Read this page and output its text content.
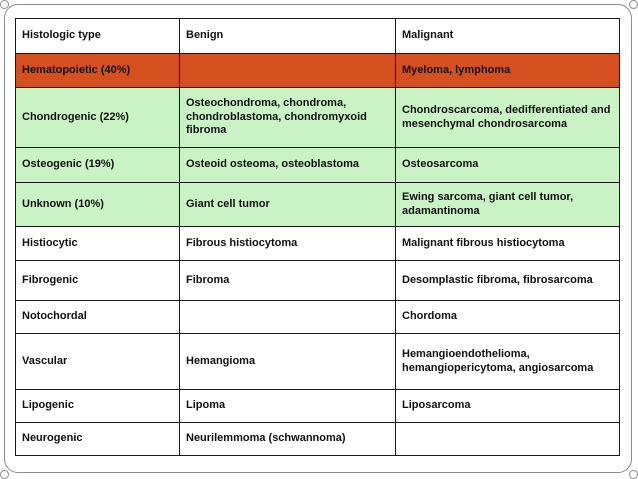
Histologic type	Benign	Malignant
Hematopoietic (40%)		Myeloma, lymphoma
Chondrogenic (22%)	Osteochondroma, chondroma, chondroblastoma, chondromyxoid fibroma	Chondroscarcoma, dedifferentiated and mesenchymal chondrosarcoma
Osteogenic (19%)	Osteoid osteoma, osteoblastoma	Osteosarcoma
Unknown (10%)	Giant cell tumor	Ewing sarcoma, giant cell tumor, adamantinoma
Histiocytic	Fibrous histiocytoma	Malignant fibrous histiocytoma
Fibrogenic	Fibroma	Desomplastic fibroma, fibrosarcoma
Notochordal		Chordoma
Vascular	Hemangioma	Hemangioendothelioma, hemangiopericytoma, angiosarcoma
Lipogenic	Lipoma	Liposarcoma
Neurogenic	Neurilemmoma (schwannoma)	
